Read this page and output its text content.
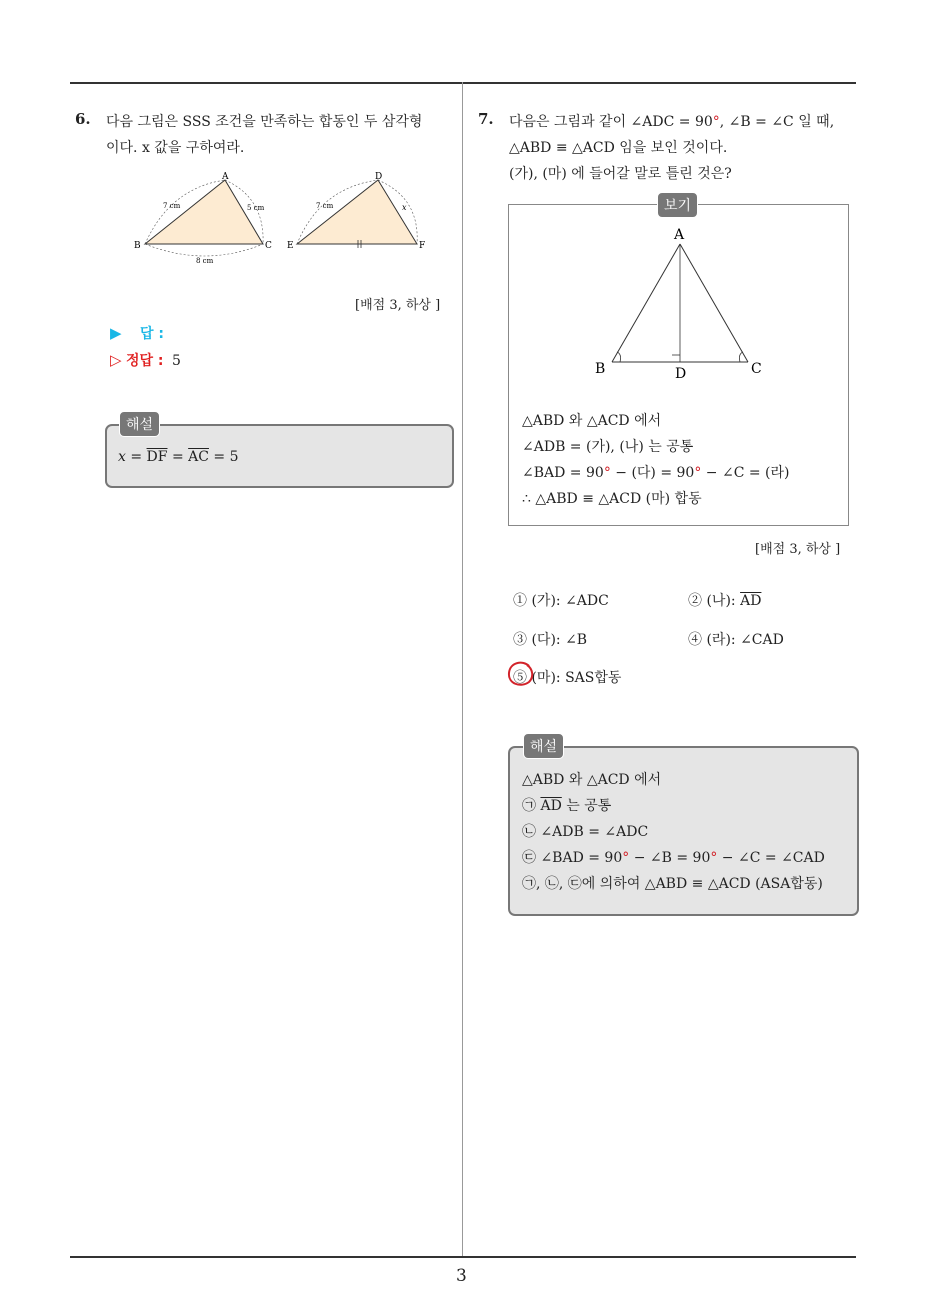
3
6. 다음 그림은 SSS 조건을 만족하는 합동인 두 삼각형
이다. x 값을 구하여라.
A
B	C
7 cm	5 cm
8 cm
D
E	F
7 cm	x
[배점 3, 하상 ]
▶ 답 :
▷ 정답 : 5
해설
$x = \overline{DF} = \overline{AC} = 5$
7. 다음은 그림과 같이 ∠ADC = 90°, ∠B = ∠C 일 때,
△ABD ≡ △ACD 임을 보인 것이다.
(가), (마) 에 들어갈 말로 틀린 것은?
보기
A
B	C
D
△ABD 와 △ACD 에서
∠ADB = (가), (나) 는 공통
∠BAD = 90° − (다) = 90° − ∠C = (라)
∴ △ABD ≡ △ACD (마) 합동
[배점 3, 하상 ]
① (가): ∠ADC	② (나): $\overline{AD}$
③ (다): ∠B	④ (라): ∠CAD
⑤ (마): SAS합동
해설
△ABD 와 △ACD 에서
㉠ $\overline{AD}$ 는 공통
㉡ ∠ADB = ∠ADC
㉢ ∠BAD = 90° − ∠B = 90° − ∠C = ∠CAD
㉠, ㉡, ㉢에 의하여 △ABD ≡ △ACD (ASA합동)
